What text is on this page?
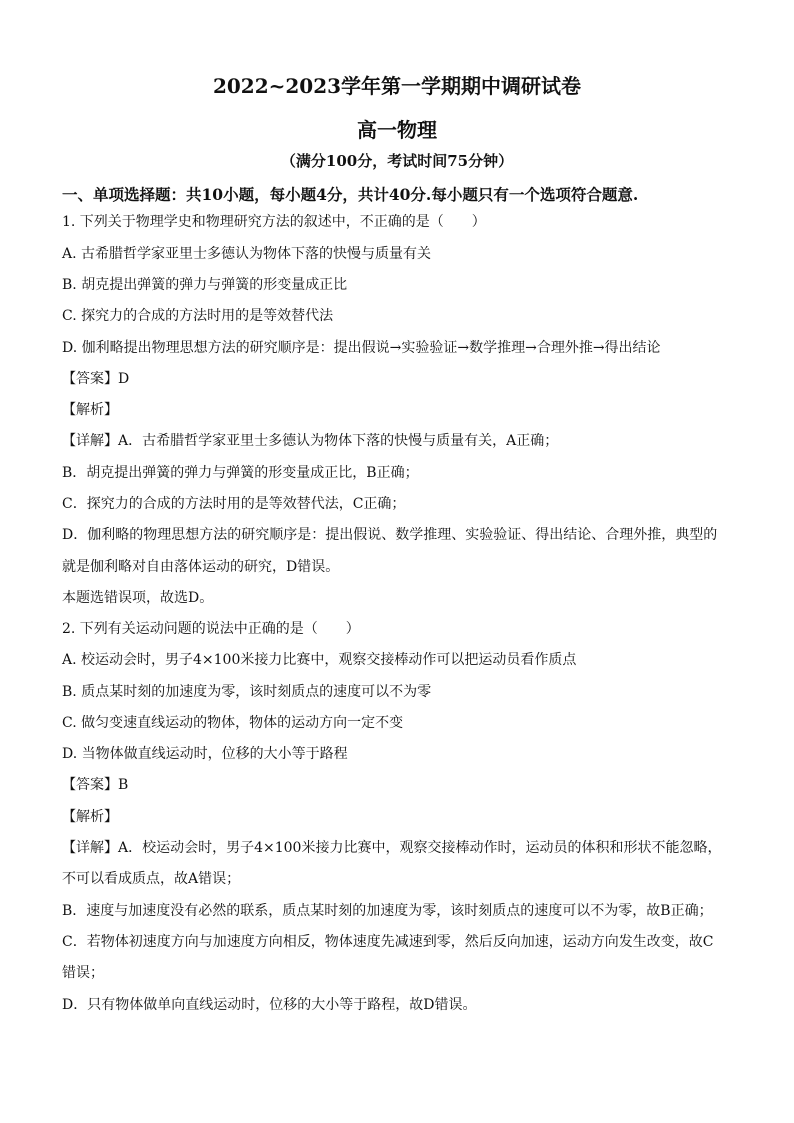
2022~2023学年第一学期期中调研试卷
高一物理
（满分100分，考试时间75分钟）
一、单项选择题：共10小题，每小题4分，共计40分.每小题只有一个选项符合题意.
1. 下列关于物理学史和物理研究方法的叙述中，不正确的是（　　）
A. 古希腊哲学家亚里士多德认为物体下落的快慢与质量有关
B. 胡克提出弹簧的弹力与弹簧的形变量成正比
C. 探究力的合成的方法时用的是等效替代法
D. 伽利略提出物理思想方法的研究顺序是：提出假说→实验验证→数学推理→合理外推→得出结论
【答案】D
【解析】
【详解】A．古希腊哲学家亚里士多德认为物体下落的快慢与质量有关，A正确；
B．胡克提出弹簧的弹力与弹簧的形变量成正比，B正确；
C．探究力的合成的方法时用的是等效替代法，C正确；
D．伽利略的物理思想方法的研究顺序是：提出假说、数学推理、实验验证、得出结论、合理外推，典型的
就是伽利略对自由落体运动的研究，D错误。
本题选错误项，故选D。
2. 下列有关运动问题的说法中正确的是（　　）
A. 校运动会时，男子4×100米接力比赛中，观察交接棒动作可以把运动员看作质点
B. 质点某时刻的加速度为零，该时刻质点的速度可以不为零
C. 做匀变速直线运动的物体，物体的运动方向一定不变
D. 当物体做直线运动时，位移的大小等于路程
【答案】B
【解析】
【详解】A．校运动会时，男子4×100米接力比赛中，观察交接棒动作时，运动员的体积和形状不能忽略，
不可以看成质点，故A错误；
B．速度与加速度没有必然的联系，质点某时刻的加速度为零，该时刻质点的速度可以不为零，故B正确；
C．若物体初速度方向与加速度方向相反，物体速度先减速到零，然后反向加速，运动方向发生改变，故C
错误；
D．只有物体做单向直线运动时，位移的大小等于路程，故D错误。
